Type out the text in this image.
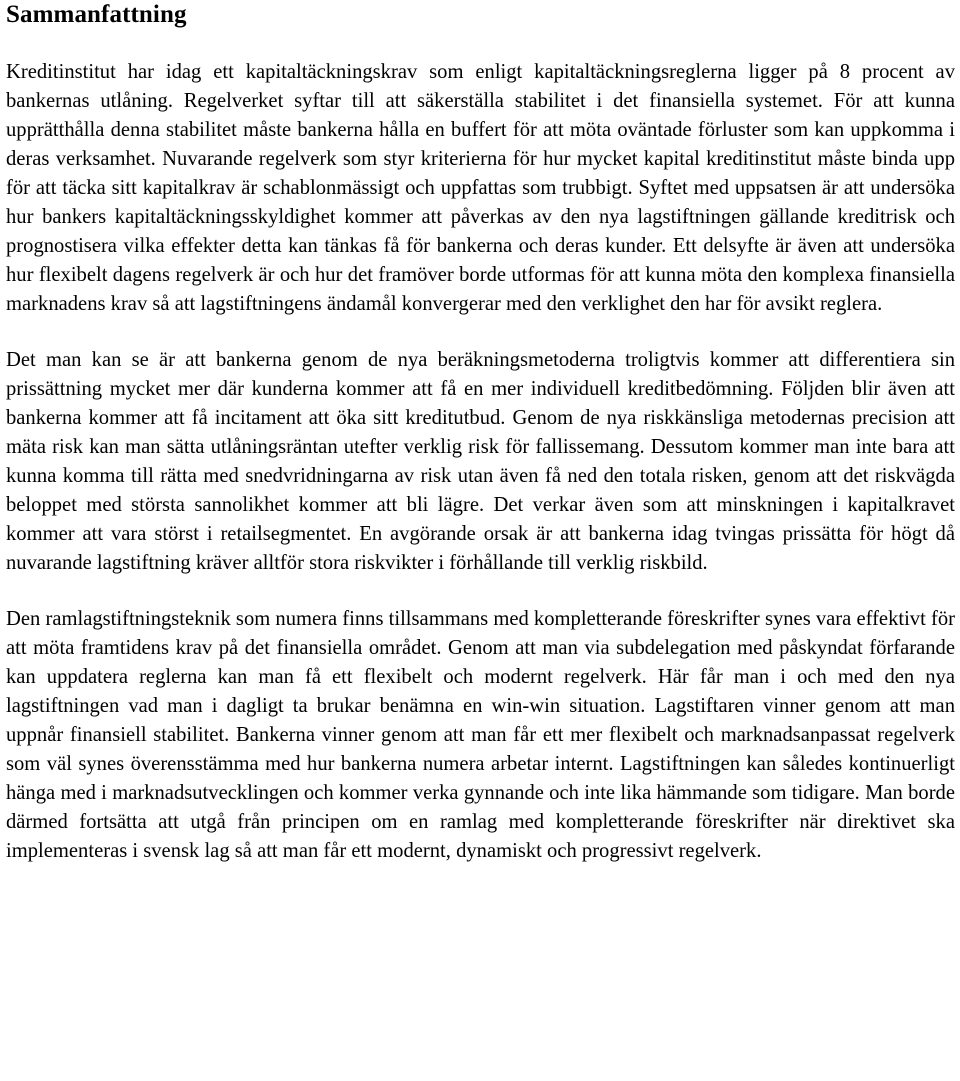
Sammanfattning

Kreditinstitut har idag ett kapitaltäckningskrav som enligt kapitaltäckningsreglerna ligger på 8 procent av bankernas utlåning. Regelverket syftar till att säkerställa stabilitet i det finansiella systemet. För att kunna upprätthålla denna stabilitet måste bankerna hålla en buffert för att möta oväntade förluster som kan uppkomma i deras verksamhet. Nuvarande regelverk som styr kriterierna för hur mycket kapital kreditinstitut måste binda upp för att täcka sitt kapitalkrav är schablonmässigt och uppfattas som trubbigt. Syftet med uppsatsen är att undersöka hur bankers kapitaltäckningsskyldighet kommer att påverkas av den nya lagstiftningen gällande kreditrisk och prognostisera vilka effekter detta kan tänkas få för bankerna och deras kunder. Ett delsyfte är även att undersöka hur flexibelt dagens regelverk är och hur det framöver borde utformas för att kunna möta den komplexa finansiella marknadens krav så att lagstiftningens ändamål konvergerar med den verklighet den har för avsikt reglera.

Det man kan se är att bankerna genom de nya beräkningsmetoderna troligtvis kommer att differentiera sin prissättning mycket mer där kunderna kommer att få en mer individuell kreditbedömning. Följden blir även att bankerna kommer att få incitament att öka sitt kreditutbud. Genom de nya riskkänsliga metodernas precision att mäta risk kan man sätta utlåningsräntan utefter verklig risk för fallissemang. Dessutom kommer man inte bara att kunna komma till rätta med snedvridningarna av risk utan även få ned den totala risken, genom att det riskvägda beloppet med största sannolikhet kommer att bli lägre. Det verkar även som att minskningen i kapitalkravet kommer att vara störst i retailsegmentet. En avgörande orsak är att bankerna idag tvingas prissätta för högt då nuvarande lagstiftning kräver alltför stora riskvikter i förhållande till verklig riskbild.

Den ramlagstiftningsteknik som numera finns tillsammans med kompletterande föreskrifter synes vara effektivt för att möta framtidens krav på det finansiella området. Genom att man via subdelegation med påskyndat förfarande kan uppdatera reglerna kan man få ett flexibelt och modernt regelverk. Här får man i och med den nya lagstiftningen vad man i dagligt ta brukar benämna en win-win situation. Lagstiftaren vinner genom att man uppnår finansiell stabilitet. Bankerna vinner genom att man får ett mer flexibelt och marknadsanpassat regelverk som väl synes överensstämma med hur bankerna numera arbetar internt. Lagstiftningen kan således kontinuerligt hänga med i marknadsutvecklingen och kommer verka gynnande och inte lika hämmande som tidigare. Man borde därmed fortsätta att utgå från principen om en ramlag med kompletterande föreskrifter när direktivet ska implementeras i svensk lag så att man får ett modernt, dynamiskt och progressivt regelverk.
